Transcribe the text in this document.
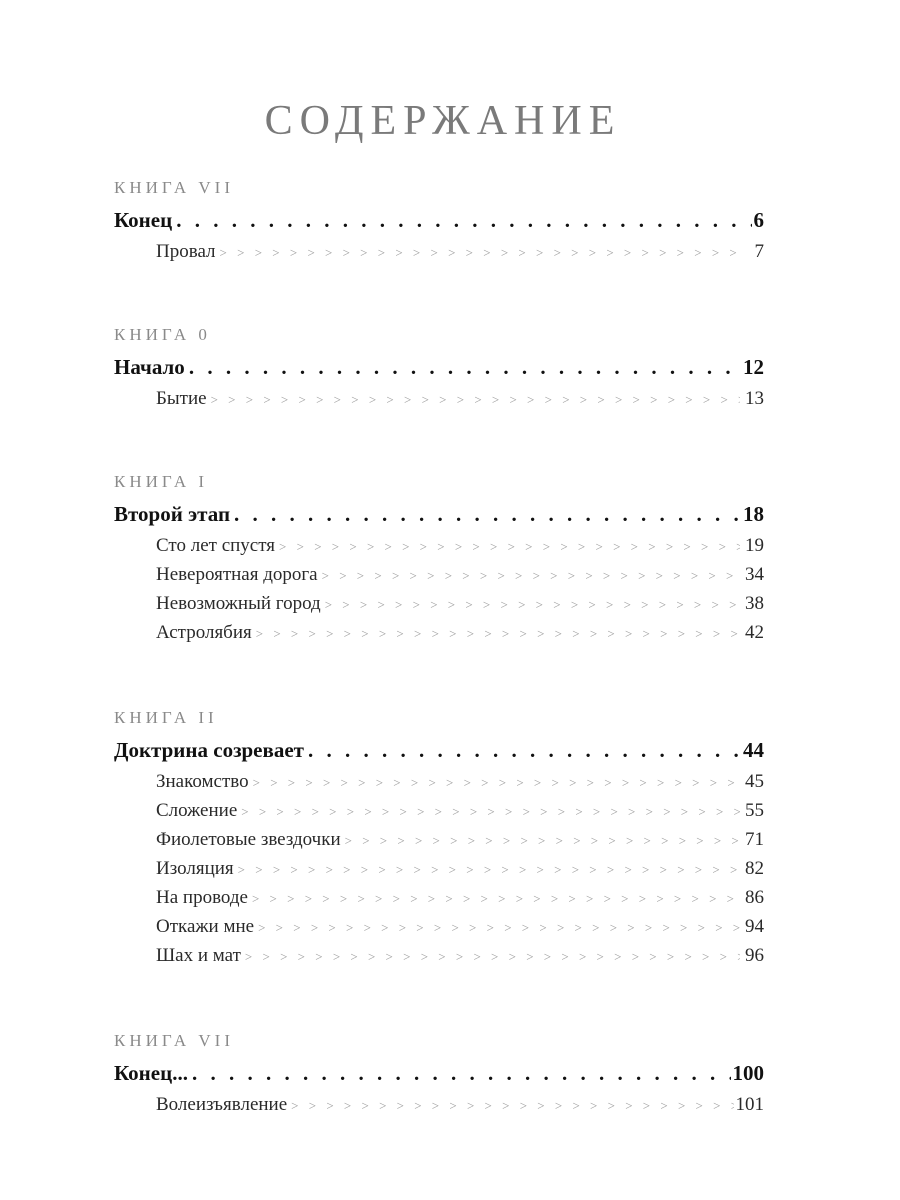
СОДЕРЖАНИЕ
КНИГА VII
Конец . . .	6
Провал > > > > > > > > > > > > > > > > > > > > > > > > > > > > > > > > > > > > > > > > > > > > > > > > > > > > > > > > > > > > > >	7
КНИГА 0
Начало . . .	12
Бытие > > > > > > > > > > > > > > > > > > > > > > > > > > > > > > > > > > > > > > > > > > > > > > > > > > > > > > > > > > > > > >	13
КНИГА I
Второй этап . . .	18
Сто лет спустя > > > > > > > > > > > > > > > > > > > > > > > > > > > > > > > > > > > > > > > > > > > > > > > > > > > > > > > > > > > > > >	19
Невероятная дорога > > > > > > > > > > > > > > > > > > > > > > > > > > > > > > > > > > > > > > > > > > > > > > > > > > > > > > > > > > > > > >	34
Невозможный город > > > > > > > > > > > > > > > > > > > > > > > > > > > > > > > > > > > > > > > > > > > > > > > > > > > > > > > > > > > > > >	38
Астролябия > > > > > > > > > > > > > > > > > > > > > > > > > > > > > > > > > > > > > > > > > > > > > > > > > > > > > > > > > > > > > >	42
КНИГА II
Доктрина созревает . . .	44
Знакомство > > > > > > > > > > > > > > > > > > > > > > > > > > > > > > > > > > > > > > > > > > > > > > > > > > > > > > > > > > > > > >	45
Сложение > > > > > > > > > > > > > > > > > > > > > > > > > > > > > > > > > > > > > > > > > > > > > > > > > > > > > > > > > > > > > >	55
Фиолетовые звездочки > > > > > > > > > > > > > > > > > > > > > > > > > > > > > > > > > > > > > > > > > > > > > > > > > > > > > > > > > > > > > >	71
Изоляция > > > > > > > > > > > > > > > > > > > > > > > > > > > > > > > > > > > > > > > > > > > > > > > > > > > > > > > > > > > > > >	82
На проводе > > > > > > > > > > > > > > > > > > > > > > > > > > > > > > > > > > > > > > > > > > > > > > > > > > > > > > > > > > > > > >	86
Откажи мне > > > > > > > > > > > > > > > > > > > > > > > > > > > > > > > > > > > > > > > > > > > > > > > > > > > > > > > > > > > > > >	94
Шах и мат > > > > > > > > > > > > > > > > > > > > > > > > > > > > > > > > > > > > > > > > > > > > > > > > > > > > > > > > > > > > > >	96
КНИГА VII
Конец... . . .	100
Волеизъявление > > > > > > > > > > > > > > > > > > > > > > > > > > > > > > > > > > > > > > > > > > > > > > > > > > > > > > > > > > > > > >	101
